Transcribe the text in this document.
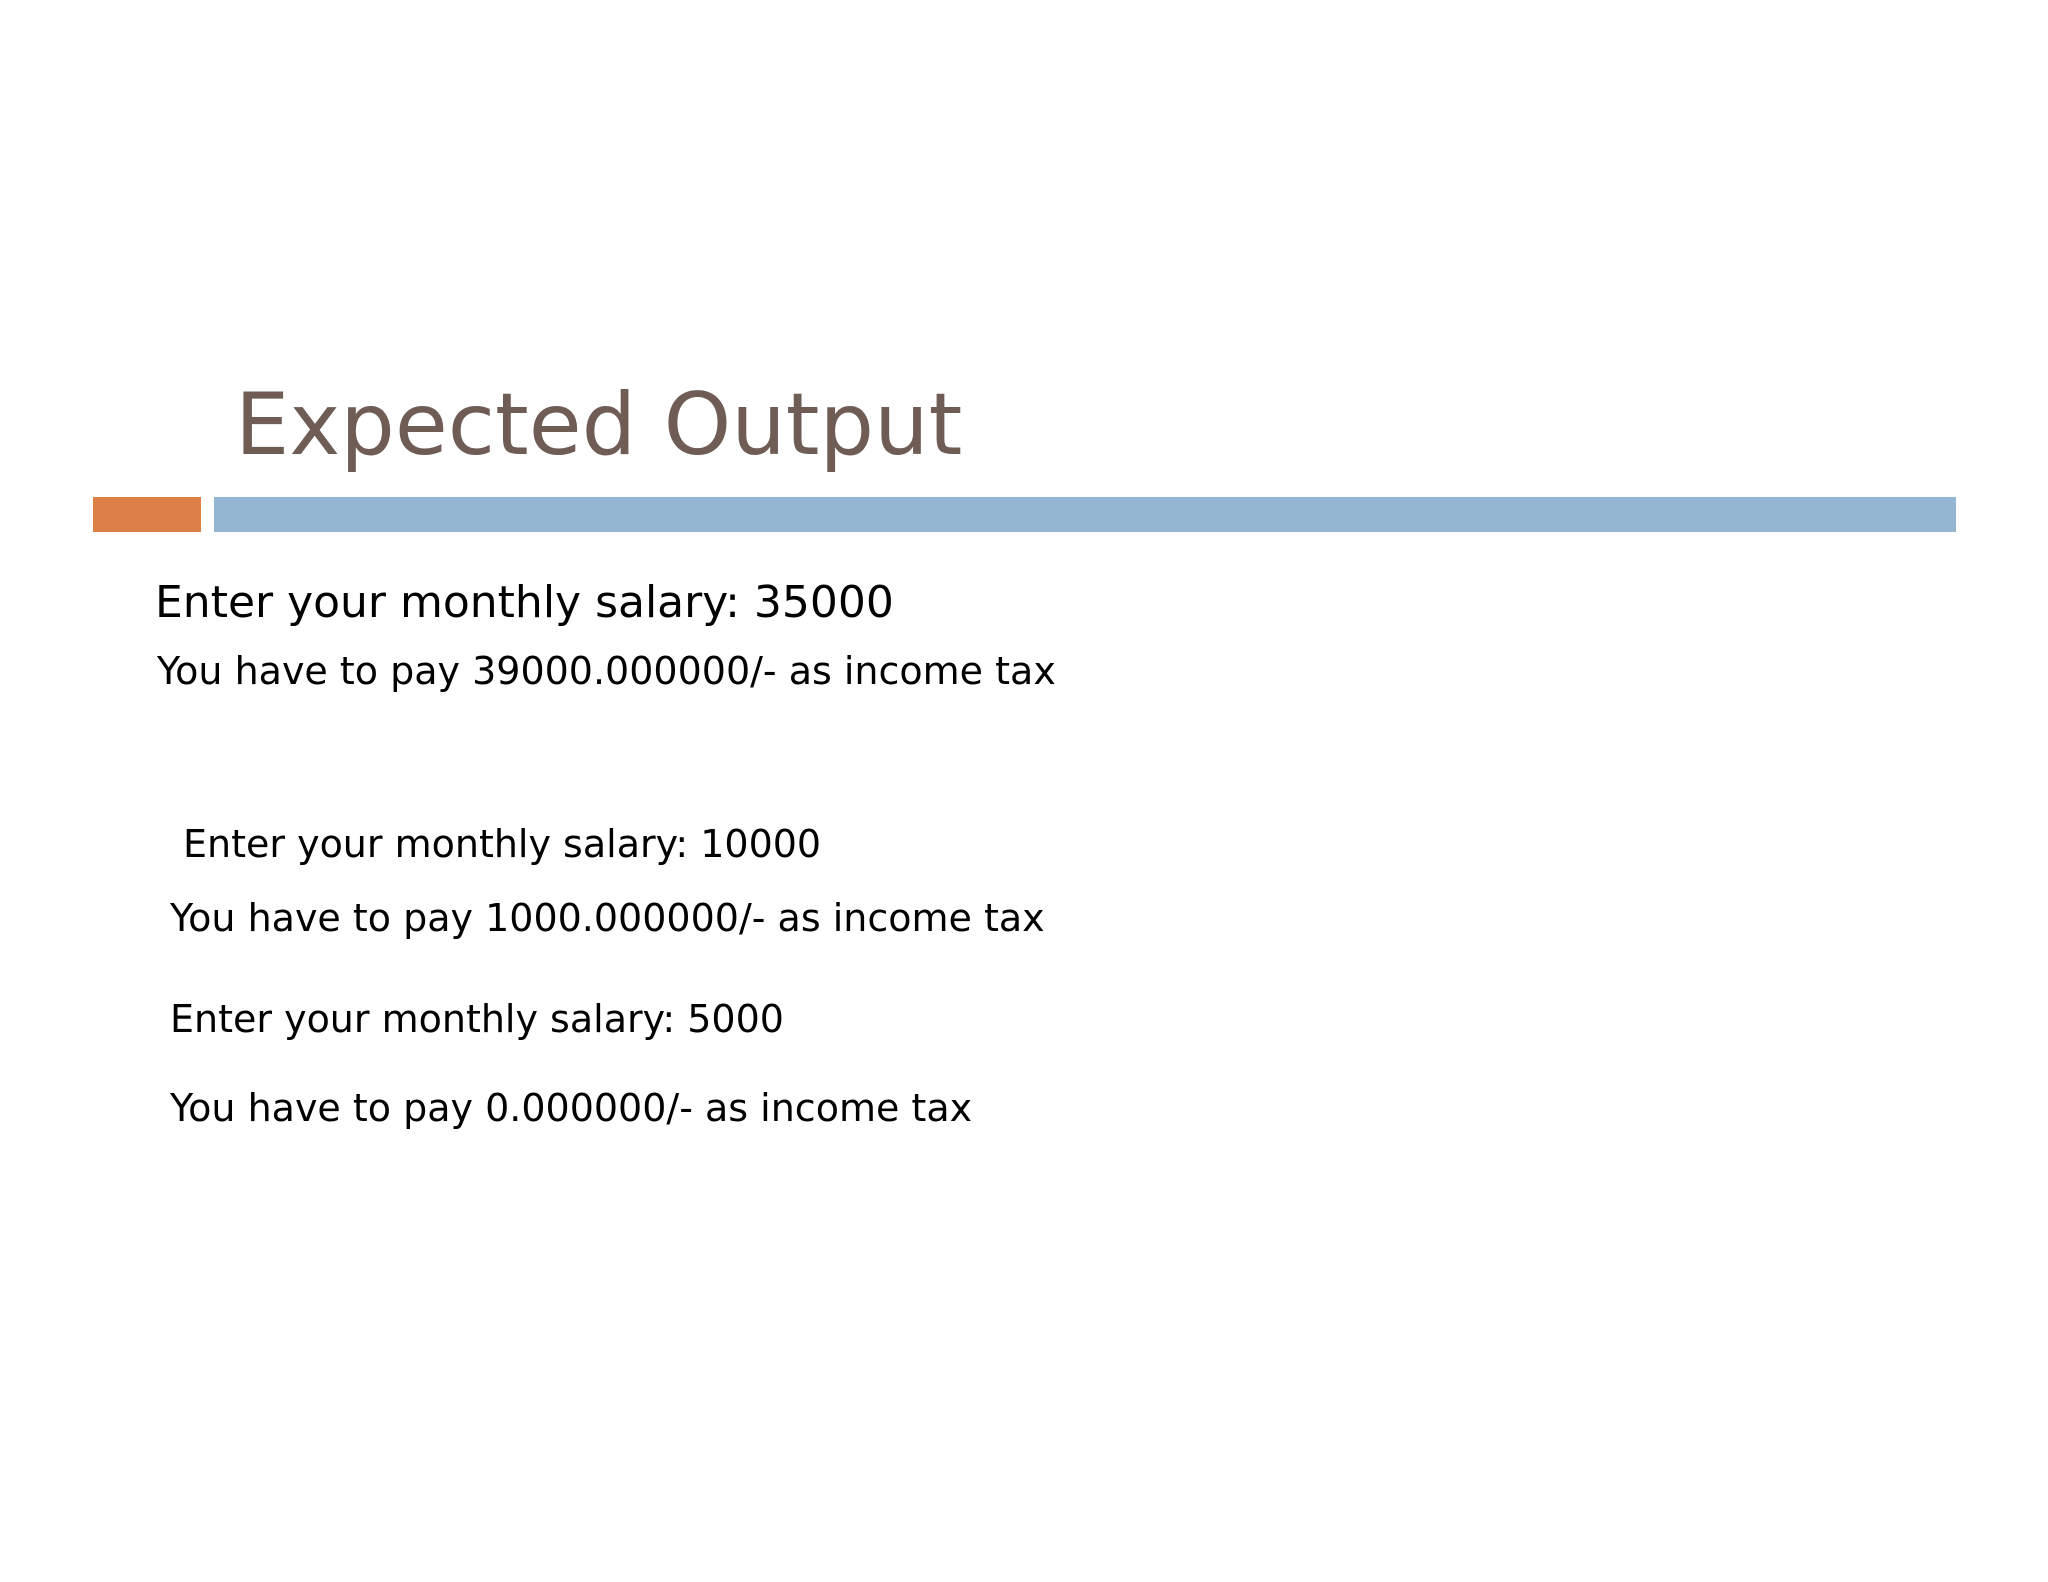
Expected Output

Enter your monthly salary: 35000

You have to pay 39000.000000/- as income tax

Enter your monthly salary: 10000

You have to pay 1000.000000/- as income tax

Enter your monthly salary: 5000

You have to pay 0.000000/- as income tax
